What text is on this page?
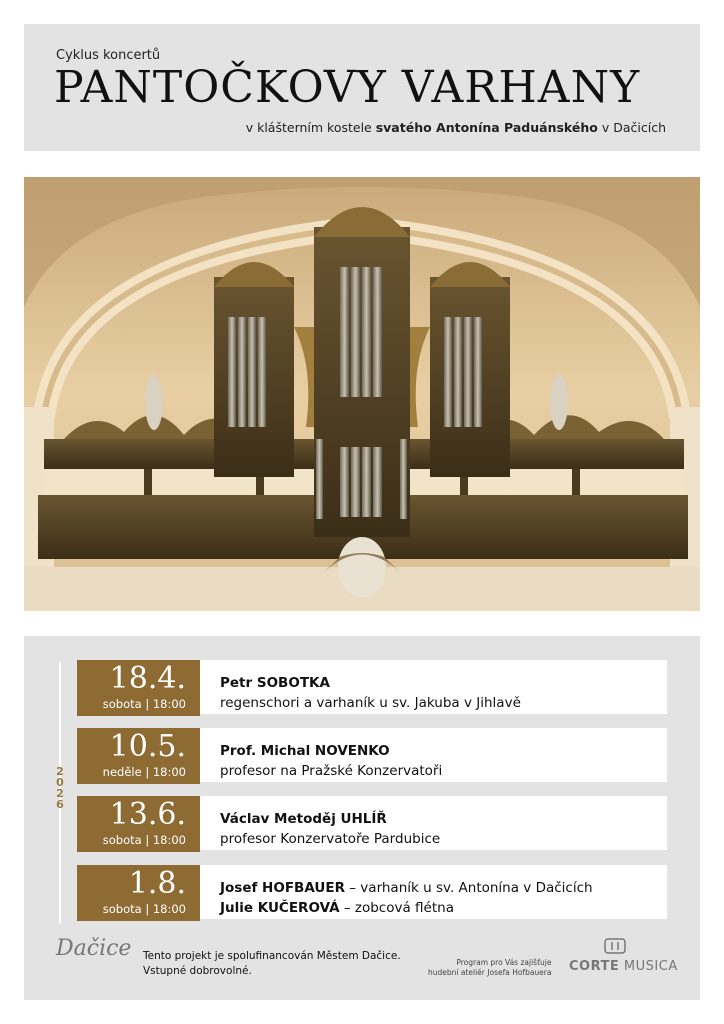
Cyklus koncertů
PANTOČKOVY VARHANY
v klášterním kostele svatého Antonína Paduánského v Dačicích
2
0
2
6
18.4.
sobota | 18:00
Petr SOBOTKA
regenschori a varhaník u sv. Jakuba v Jihlavě
10.5.
neděle | 18:00
Prof. Michal NOVENKO
profesor na Pražské Konzervatoři
13.6.
sobota | 18:00
Václav Metoděj UHLÍŘ
profesor Konzervatoře Pardubice
1.8.
sobota | 18:00
Josef HOFBAUER – varhaník u sv. Antonína v Dačicích
Julie KUČEROVÁ – zobcová flétna
Dačice Tento projekt je spolufinancován Městem Dačice.
Vstupné dobrovolné.
Program pro Vás zajišťuje
hudební ateliér Josefa Hofbauera CORTE MUSICA
